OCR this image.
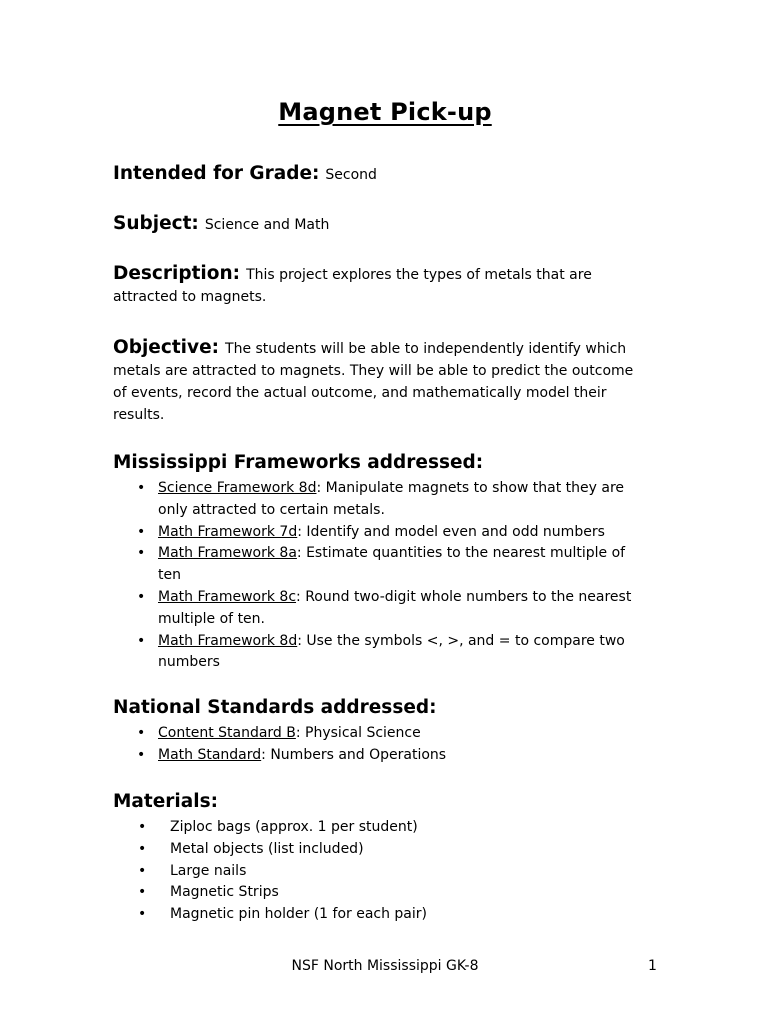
Magnet Pick-up
Intended for Grade: Second
Subject: Science and Math
Description: This project explores the types of metals that are attracted to magnets.
Objective: The students will be able to independently identify which metals are attracted to magnets. They will be able to predict the outcome of events, record the actual outcome, and mathematically model their results.
Mississippi Frameworks addressed:
• Science Framework 8d: Manipulate magnets to show that they are only attracted to certain metals.
• Math Framework 7d: Identify and model even and odd numbers
• Math Framework 8a: Estimate quantities to the nearest multiple of ten
• Math Framework 8c: Round two-digit whole numbers to the nearest multiple of ten.
• Math Framework 8d: Use the symbols <, >, and = to compare two numbers
National Standards addressed:
• Content Standard B: Physical Science
• Math Standard: Numbers and Operations
Materials:
• Ziploc bags (approx. 1 per student)
• Metal objects (list included)
• Large nails
• Magnetic Strips
• Magnetic pin holder (1 for each pair)
NSF North Mississippi GK-8	1
